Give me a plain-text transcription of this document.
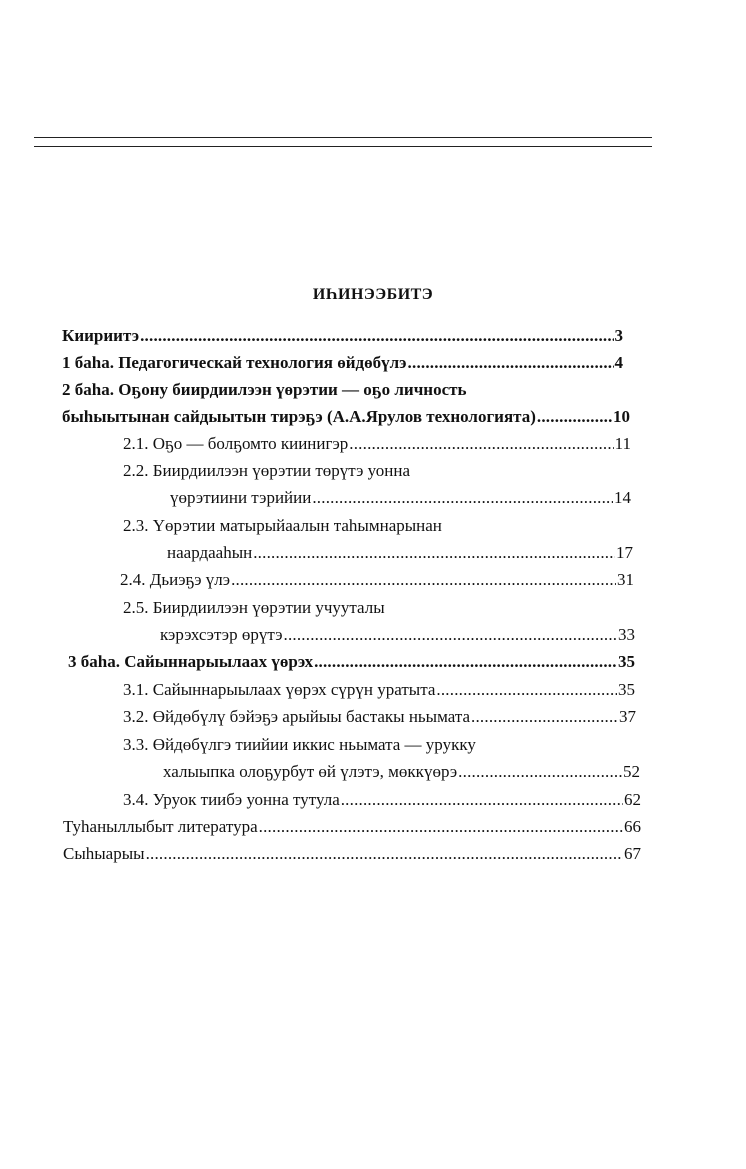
ИҺИНЭЭБИТЭ
Киириитэ .....	3
1 баһа. Педагогическай технология өйдөбүлэ .....	4
2 баһа. Оҕону биирдиилээн үөрэтии — оҕо личность
быһыытынан сайдыытын тирэҕэ (А.А.Ярулов технологията) .....	10
2.1. Оҕо — болҕомто киинигэр .....	11
2.2. Биирдиилээн үөрэтии төрүтэ уонна
үөрэтиини тэрийии .....	14
2.3. Үөрэтии матырыйаалын таһымнарынан
наардааһын .....	17
2.4. Дьиэҕэ үлэ .....	31
2.5. Биирдиилээн үөрэтии учууталы
кэрэхсэтэр өрүтэ .....	33
3 баһа. Сайыннарыылаах үөрэх .....	35
3.1. Сайыннарыылаах үөрэх сүрүн уратыта .....	35
3.2. Өйдөбүлү бэйэҕэ арыйыы бастакы ньымата .....	37
3.3. Өйдөбүлгэ тиийии иккис ньымата — урукку
халыыпка олоҕурбут өй үлэтэ, мөккүөрэ .....	52
3.4. Уруок тиибэ уонна тутула .....	62
Туһаныллыбыт литература .....	66
Сыһыарыы .....	67
